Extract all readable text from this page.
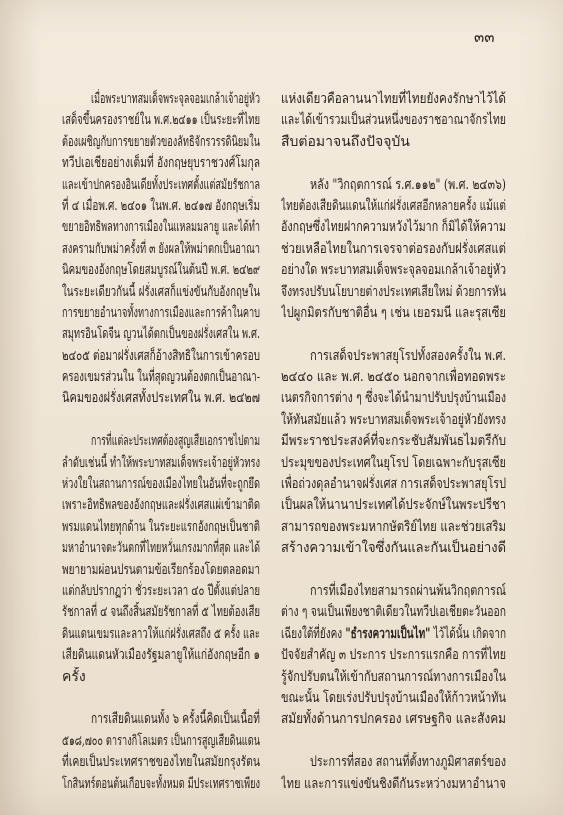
๓๓
เมื่อพระบาทสมเด็จพระจุลจอมเกล้าเจ้าอยู่หัว
เสด็จขึ้นครองราชย์ใน พ.ศ.๒๔๑๑ เป็นระยะที่ไทย
ต้องเผชิญกับการขยายตัวของลัทธิจักรวรรดินิยมใน
ทวีปเอเชียอย่างเต็มที่ อังกฤษยุบราชวงศ์โมกุล
และเข้าปกครองอินเดียทั้งประเทศตั้งแต่สมัยรัชกาล
ที่ ๔ เมื่อพ.ศ. ๒๔๐๑ ในพ.ศ. ๒๔๑๗ อังกฤษเริ่ม
ขยายอิทธิพลทางการเมืองในแหลมมลายู และได้ทำ
สงครามกับพม่าครั้งที่ ๓ ยังผลให้พม่าตกเป็นอาณา
นิคมของอังกฤษโดยสมบูรณ์ในต้นปี พ.ศ. ๒๔๒๙
ในระยะเดียวกันนี้ ฝรั่งเศสก็แข่งขันกับอังกฤษใน
การขยายอำนาจทั้งทางการเมืองและการค้าในคาบ
สมุทรอินโดจีน ญวนได้ตกเป็นของฝรั่งเศสใน พ.ศ.
๒๔๐๕ ต่อมาฝรั่งเศสก็อ้างสิทธิในการเข้าครอบ
ครองเขมรส่วนใน ในที่สุดญวนต้องตกเป็นอาณา-
นิคมของฝรั่งเศสทั้งประเทศใน พ.ศ. ๒๔๒๗
การที่แต่ละประเทศต้องสูญเสียเอกราชไปตาม
ลำดับเช่นนี้ ทำให้พระบาทสมเด็จพระเจ้าอยู่หัวทรง
ห่วงใยในสถานการณ์ของเมืองไทยในอันที่จะถูกยึด
เพราะอิทธิพลของอังกฤษและฝรั่งเศสแผ่เข้ามาติด
พรมแดนไทยทุกด้าน ในระยะแรกอังกฤษเป็นชาติ
มหาอำนาจตะวันตกที่ไทยหวั่นเกรงมากที่สุด และได้
พยายามผ่อนปรนตามข้อเรียกร้องโดยตลอดมา
แต่กลับปรากฏว่า ชั่วระยะเวลา ๔๐ ปีตั้งแต่ปลาย
รัชกาลที่ ๔ จนถึงสิ้นสมัยรัชกาลที่ ๕ ไทยต้องเสีย
ดินแดนเขมรและลาวให้แก่ฝรั่งเศสถึง ๕ ครั้ง และ
เสียดินแดนหัวเมืองรัฐมลายูให้แก่อังกฤษอีก ๑
ครั้ง
การเสียดินแดนทั้ง ๖ ครั้งนี้คิดเป็นเนื้อที่
๕๑๘,๗๐๐ ตารางกิโลเมตร เป็นการสูญเสียดินแดน
ที่เคยเป็นประเทศราชของไทยในสมัยกรุงรัตน
โกสินทร์ตอนต้นเกือบจะทั้งหมด มีประเทศราชเพียง
แห่งเดียวคือลานนาไทยที่ไทยยังคงรักษาไว้ได้
และได้เข้ารวมเป็นส่วนหนึ่งของราชอาณาจักรไทย
สืบต่อมาจนถึงปัจจุบัน
หลัง "วิกฤตการณ์ ร.ศ.๑๑๒" (พ.ศ. ๒๔๓๖)
ไทยต้องเสียดินแดนให้แก่ฝรั่งเศสอีกหลายครั้ง แม้แต่
อังกฤษซึ่งไทยฝากความหวังไว้มาก ก็มิได้ให้ความ
ช่วยเหลือไทยในการเจรจาต่อรองกับฝรั่งเศสแต่
อย่างใด พระบาทสมเด็จพระจุลจอมเกล้าเจ้าอยู่หัว
จึงทรงปรับนโยบายต่างประเทศเสียใหม่ ด้วยการหัน
ไปผูกมิตรกับชาติอื่น ๆ เช่น เยอรมนี และรุสเซีย
การเสด็จประพาสยุโรปทั้งสองครั้งใน พ.ศ.
๒๔๔๐ และ พ.ศ. ๒๔๕๐ นอกจากเพื่อทอดพระ
เนตรกิจการต่าง ๆ ซึ่งจะได้นำมาปรับปรุงบ้านเมือง
ให้ทันสมัยแล้ว พระบาทสมเด็จพระเจ้าอยู่หัวยังทรง
มีพระราชประสงค์ที่จะกระชับสัมพันธไมตรีกับ
ประมุขของประเทศในยุโรป โดยเฉพาะกับรุสเซีย
เพื่อถ่วงดุลอำนาจฝรั่งเศส การเสด็จประพาสยุโรป
เป็นผลให้นานาประเทศได้ประจักษ์ในพระปรีชา
สามารถของพระมหากษัตริย์ไทย และช่วยเสริม
สร้างความเข้าใจซึ่งกันและกันเป็นอย่างดี
การที่เมืองไทยสามารถผ่านพ้นวิกฤตการณ์
ต่าง ๆ จนเป็นเพียงชาติเดียวในทวีปเอเชียตะวันออก
เฉียงใต้ที่ยังคง "ธำรงความเป็นไท" ไว้ได้นั้น เกิดจาก
ปัจจัยสำคัญ ๓ ประการ ประการแรกคือ การที่ไทย
รู้จักปรับตนให้เข้ากับสถานการณ์ทางการเมืองใน
ขณะนั้น โดยเร่งปรับปรุงบ้านเมืองให้ก้าวหน้าทัน
สมัยทั้งด้านการปกครอง เศรษฐกิจ และสังคม
ประการที่สอง สถานที่ตั้งทางภูมิศาสตร์ของ
ไทย และการแข่งขันชิงดีกันระหว่างมหาอำนาจ
